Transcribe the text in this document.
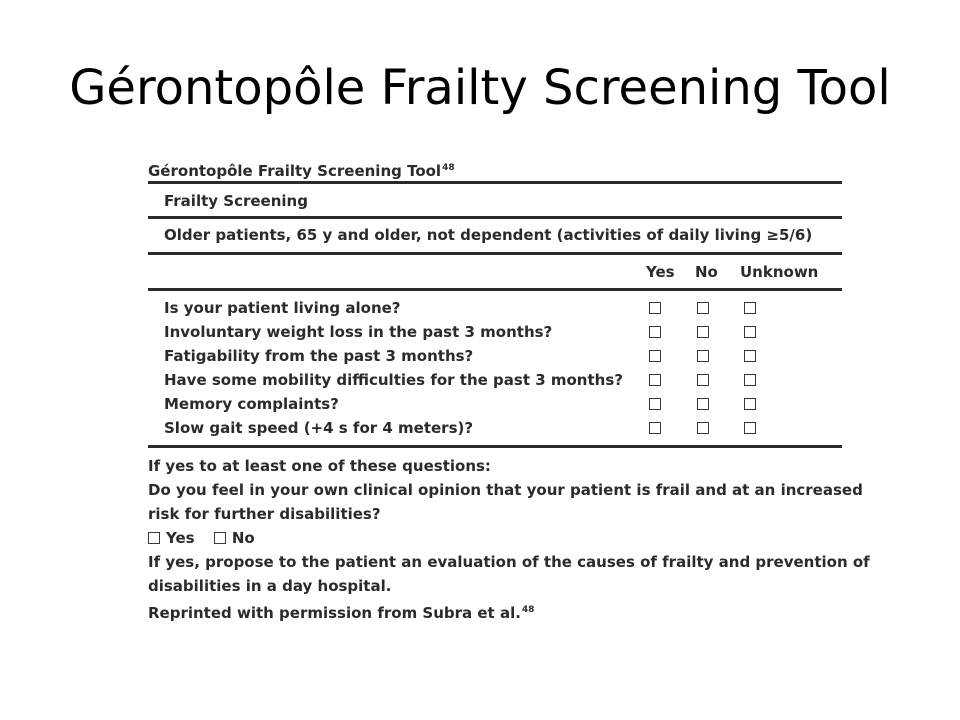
Gérontopôle Frailty Screening Tool
Gérontopôle Frailty Screening Tool$^{48}$
Frailty Screening
Older patients, 65 y and older, not dependent (activities of daily living ≥5/6)
Yes No Unknown
Is your patient living alone?
Involuntary weight loss in the past 3 months?
Fatigability from the past 3 months?
Have some mobility difficulties for the past 3 months?
Memory complaints?
Slow gait speed (+4 s for 4 meters)?
If yes to at least one of these questions:
Do you feel in your own clinical opinion that your patient is frail and at an increased
risk for further disabilities?
Yes No
If yes, propose to the patient an evaluation of the causes of frailty and prevention of
disabilities in a day hospital.
Reprinted with permission from Subra et al.$^{48}$
